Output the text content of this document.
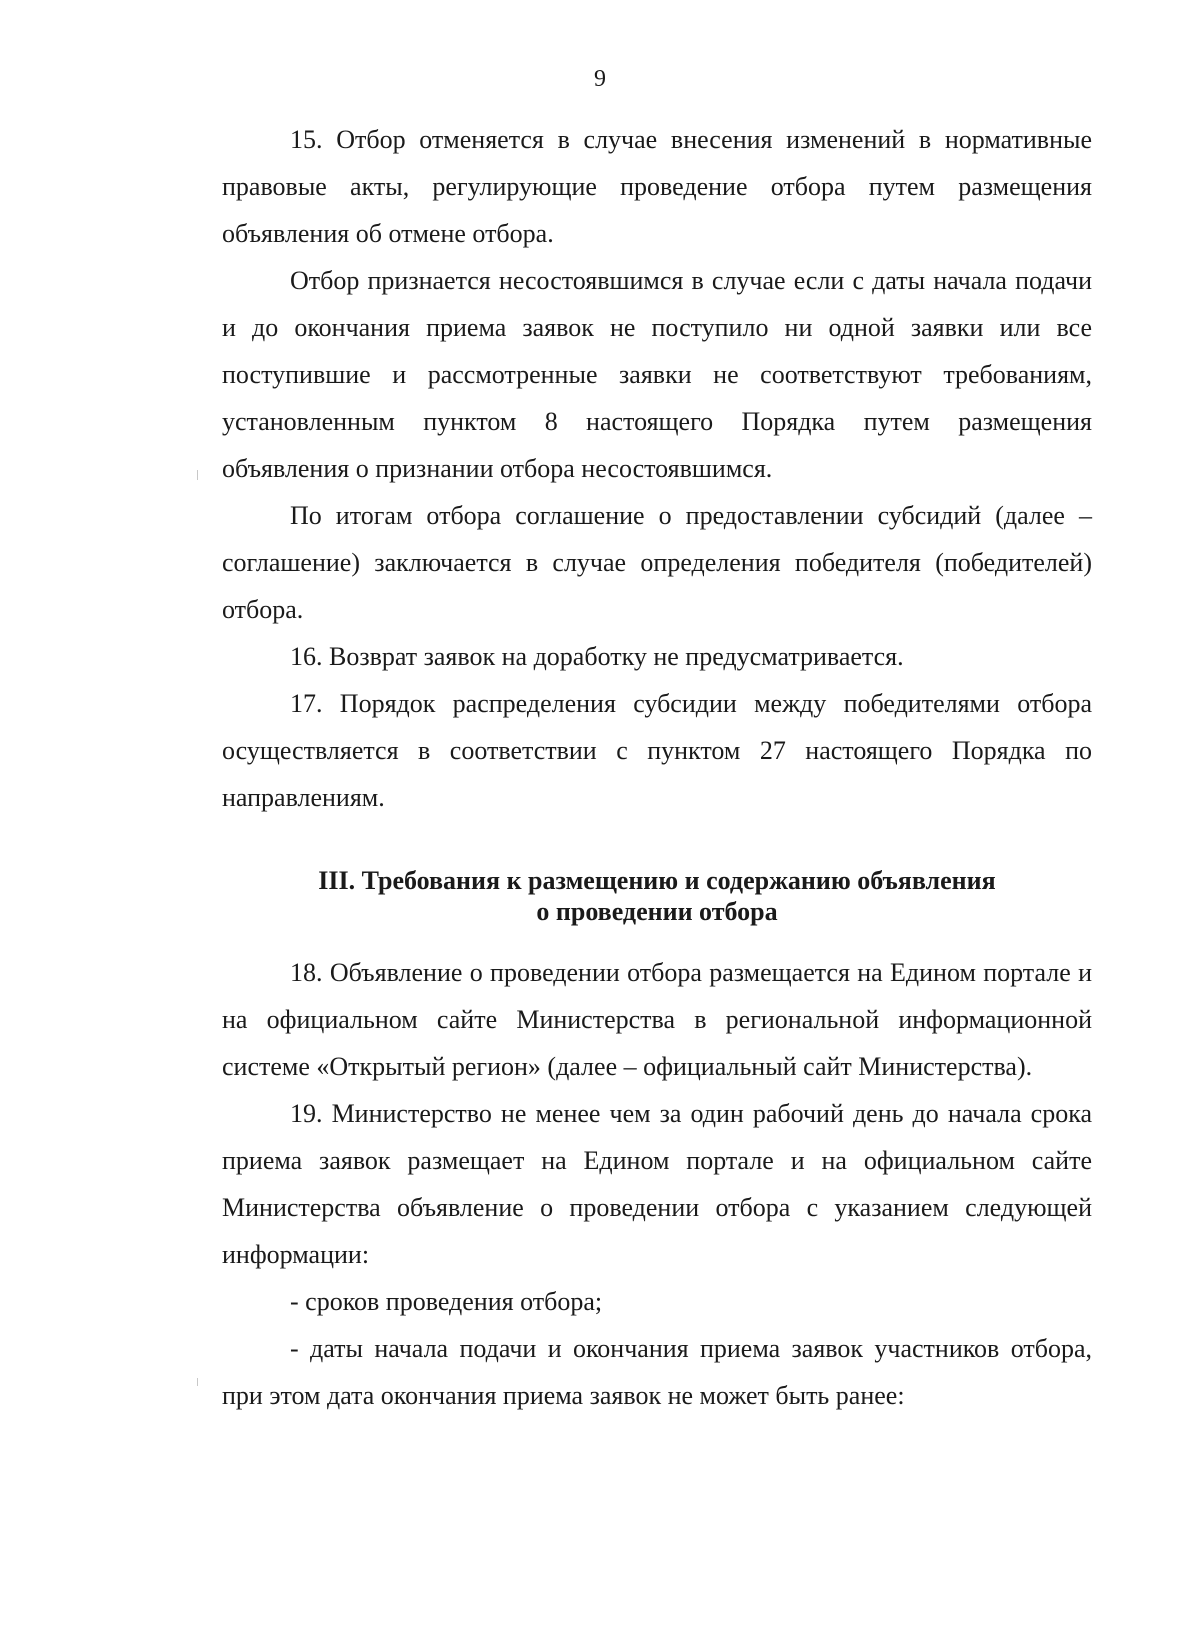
9

15. Отбор отменяется в случае внесения изменений в нормативные правовые акты, регулирующие проведение отбора путем размещения объявления об отмене отбора.

Отбор признается несостоявшимся в случае если с даты начала подачи и до окончания приема заявок не поступило ни одной заявки или все поступившие и рассмотренные заявки не соответствуют требованиям, установленным пунктом 8 настоящего Порядка путем размещения объявления о признании отбора несостоявшимся.

По итогам отбора соглашение о предоставлении субсидий (далее – соглашение) заключается в случае определения победителя (победителей) отбора.

16. Возврат заявок на доработку не предусматривается.

17. Порядок распределения субсидии между победителями отбора осуществляется в соответствии с пунктом 27 настоящего Порядка по направлениям.

III. Требования к размещению и содержанию объявления
о проведении отбора

18. Объявление о проведении отбора размещается на Едином портале и на официальном сайте Министерства в региональной информационной системе «Открытый регион» (далее – официальный сайт Министерства).

19. Министерство не менее чем за один рабочий день до начала срока приема заявок размещает на Едином портале и на официальном сайте Министерства объявление о проведении отбора с указанием следующей информации:

- сроков проведения отбора;

- даты начала подачи и окончания приема заявок участников отбора, при этом дата окончания приема заявок не может быть ранее:
